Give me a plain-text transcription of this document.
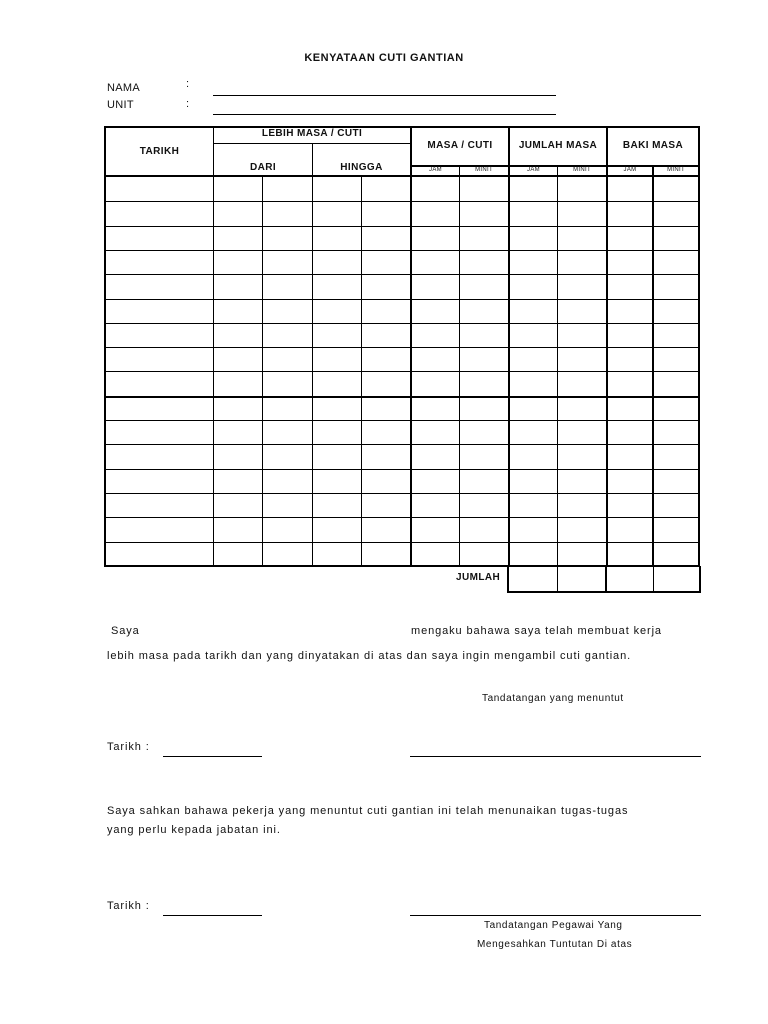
KENYATAAN CUTI GANTIAN
NAMA	:
UNIT	:
TARIKH
LEBIH MASA / CUTI
DARI	HINGGA
MASA / CUTI	JUMLAH MASA	BAKI MASA
JAM	MINIT	JAM	MINIT	JAM	MINIT
JUMLAH
Saya	mengaku bahawa saya telah membuat kerja
lebih masa pada tarikh dan yang dinyatakan di atas dan saya ingin mengambil cuti gantian.
Tandatangan yang menuntut
Tarikh :
Saya sahkan bahawa pekerja yang menuntut cuti gantian ini telah menunaikan tugas-tugas
yang perlu kepada jabatan ini.
Tarikh :
Tandatangan Pegawai Yang
Mengesahkan Tuntutan Di atas
